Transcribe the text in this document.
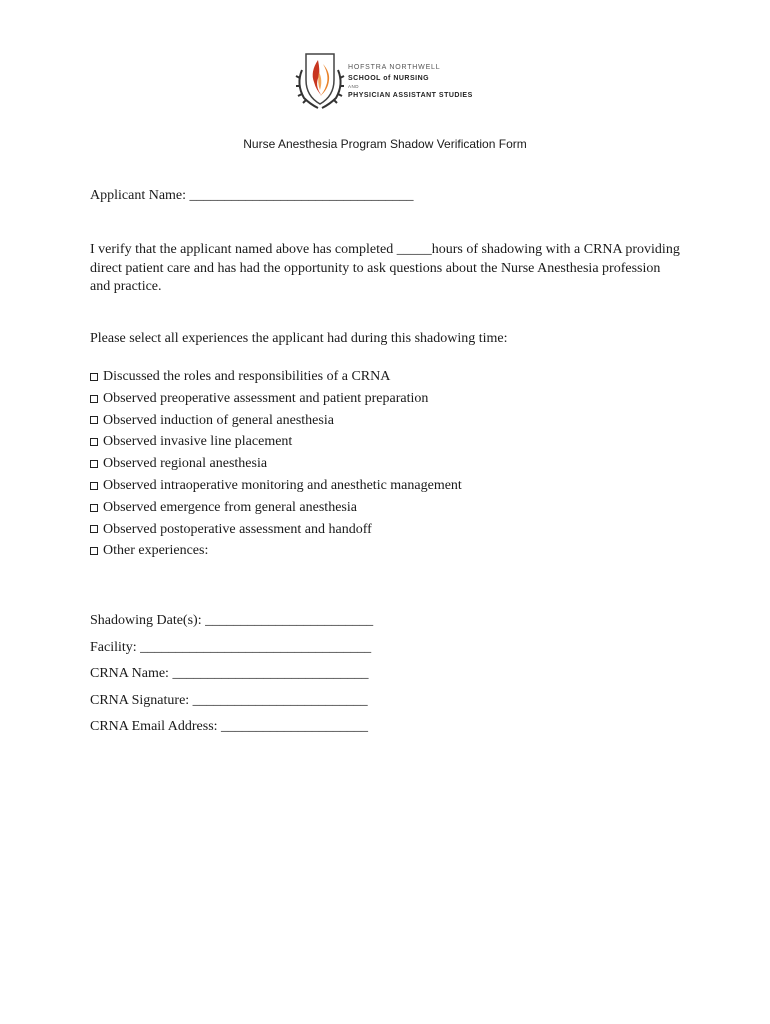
HOFSTRA NORTHWELL
SCHOOL of NURSING
AND
PHYSICIAN ASSISTANT STUDIES
Nurse Anesthesia Program Shadow Verification Form
Applicant Name: ________________________________
I verify that the applicant named above has completed _____hours of shadowing with a CRNA providing direct patient care and has had the opportunity to ask questions about the Nurse Anesthesia profession and practice.
Please select all experiences the applicant had during this shadowing time:
Discussed the roles and responsibilities of a CRNA
Observed preoperative assessment and patient preparation
Observed induction of general anesthesia
Observed invasive line placement
Observed regional anesthesia
Observed intraoperative monitoring and anesthetic management
Observed emergence from general anesthesia
Observed postoperative assessment and handoff
Other experiences:
Shadowing Date(s): ________________________
Facility: _________________________________
CRNA Name: ____________________________
CRNA Signature: _________________________
CRNA Email Address: _____________________
